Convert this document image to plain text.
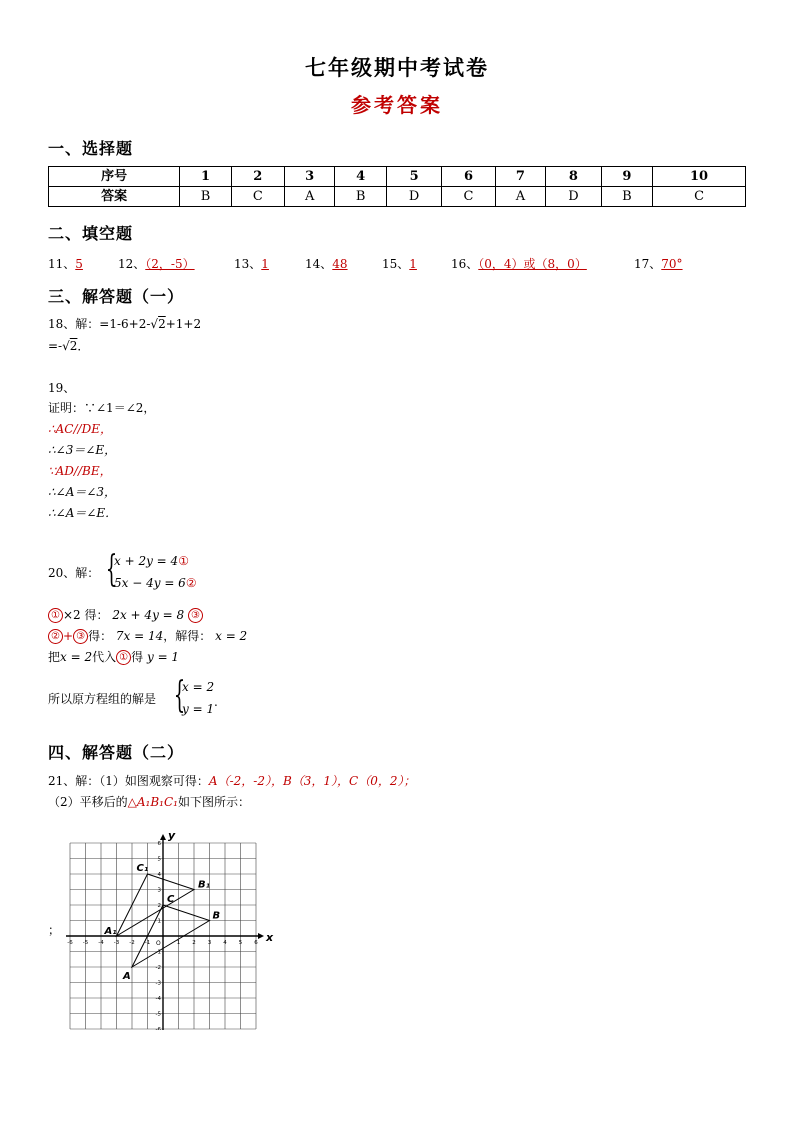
七年级期中考试卷
参考答案
一、选择题
序号	1	2	3	4	5	6	7	8	9	10
答案	B	C	A	B	D	C	A	D	B	C
二、填空题
11、5	12、（2，-5）	13、1	14、48	15、1	16、（0，4）或（8，0）	17、70°
三、解答题（一）
18、解：=1-6+2-√2+1+2
=-√2．
19、
证明：∵∠1＝∠2，
∴AC//DE，
∴∠3＝∠E，
∵AD//BE，
∴∠A＝∠3，
∴∠A＝∠E．
20、解： {
x + 2y = 4①
5x − 4y = 6②
① ×2 得： 2x + 4y = 8 ③
② + ③ 得： 7x = 14，解得： x = 2
把x = 2代入 ① 得 y = 1
所以原方程组的解是 {
x = 2
y = 1 .
四、解答题（二）
21、解：（1）如图观察可得：A（-2，-2），B（3，1），C（0，2）；
（2）平移后的△A₁B₁C₁如下图所示：
；
x
y
O
-6 -5 -4 -3 -2 -1	1 2 3 4 5 6
6
5
4
3
2
1
-1
-2
-3
-4
-5
-6
A
B
C
A₁
B₁
C₁
